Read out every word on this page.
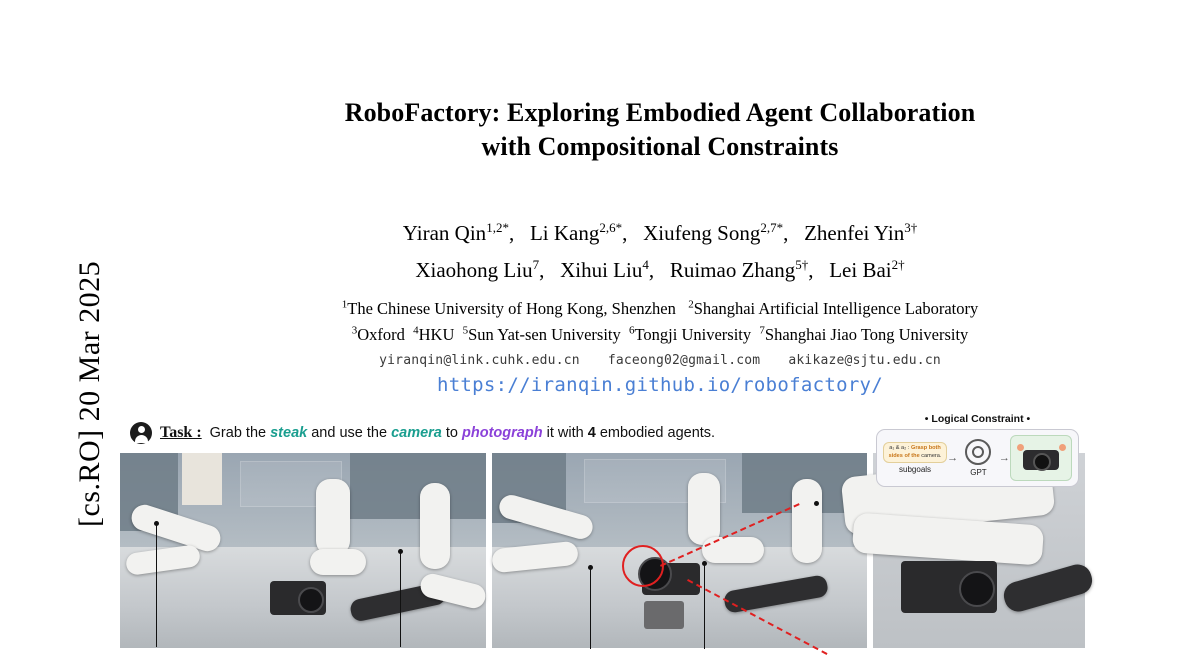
[cs.RO] 20 Mar 2025
RoboFactory: Exploring Embodied Agent Collaboration
with Compositional Constraints
Yiran Qin$^{1,2*}$, Li Kang$^{2,6*}$, Xiufeng Song$^{2,7*}$, Zhenfei Yin$^{3\dagger}$
Xiaohong Liu$^7$, Xihui Liu$^4$, Ruimao Zhang$^{5\dagger}$, Lei Bai$^{2\dagger}$
$^1$The Chinese University of Hong Kong, Shenzhen $^2$Shanghai Artificial Intelligence Laboratory
$^3$Oxford $^4$HKU $^5$Sun Yat-sen University $^6$Tongji University $^7$Shanghai Jiao Tong University
yiranqin@link.cuhk.edu.cn faceong02@gmail.com akikaze@sjtu.edu.cn
https://iranqin.github.io/robofactory/
Task : Grab the steak and use the camera to photograph it with 4 embodied agents.
• Logical Constraint •
a₁ & a₂ : Grasp both sides of the camera.
subgoals
→
GPT
→
